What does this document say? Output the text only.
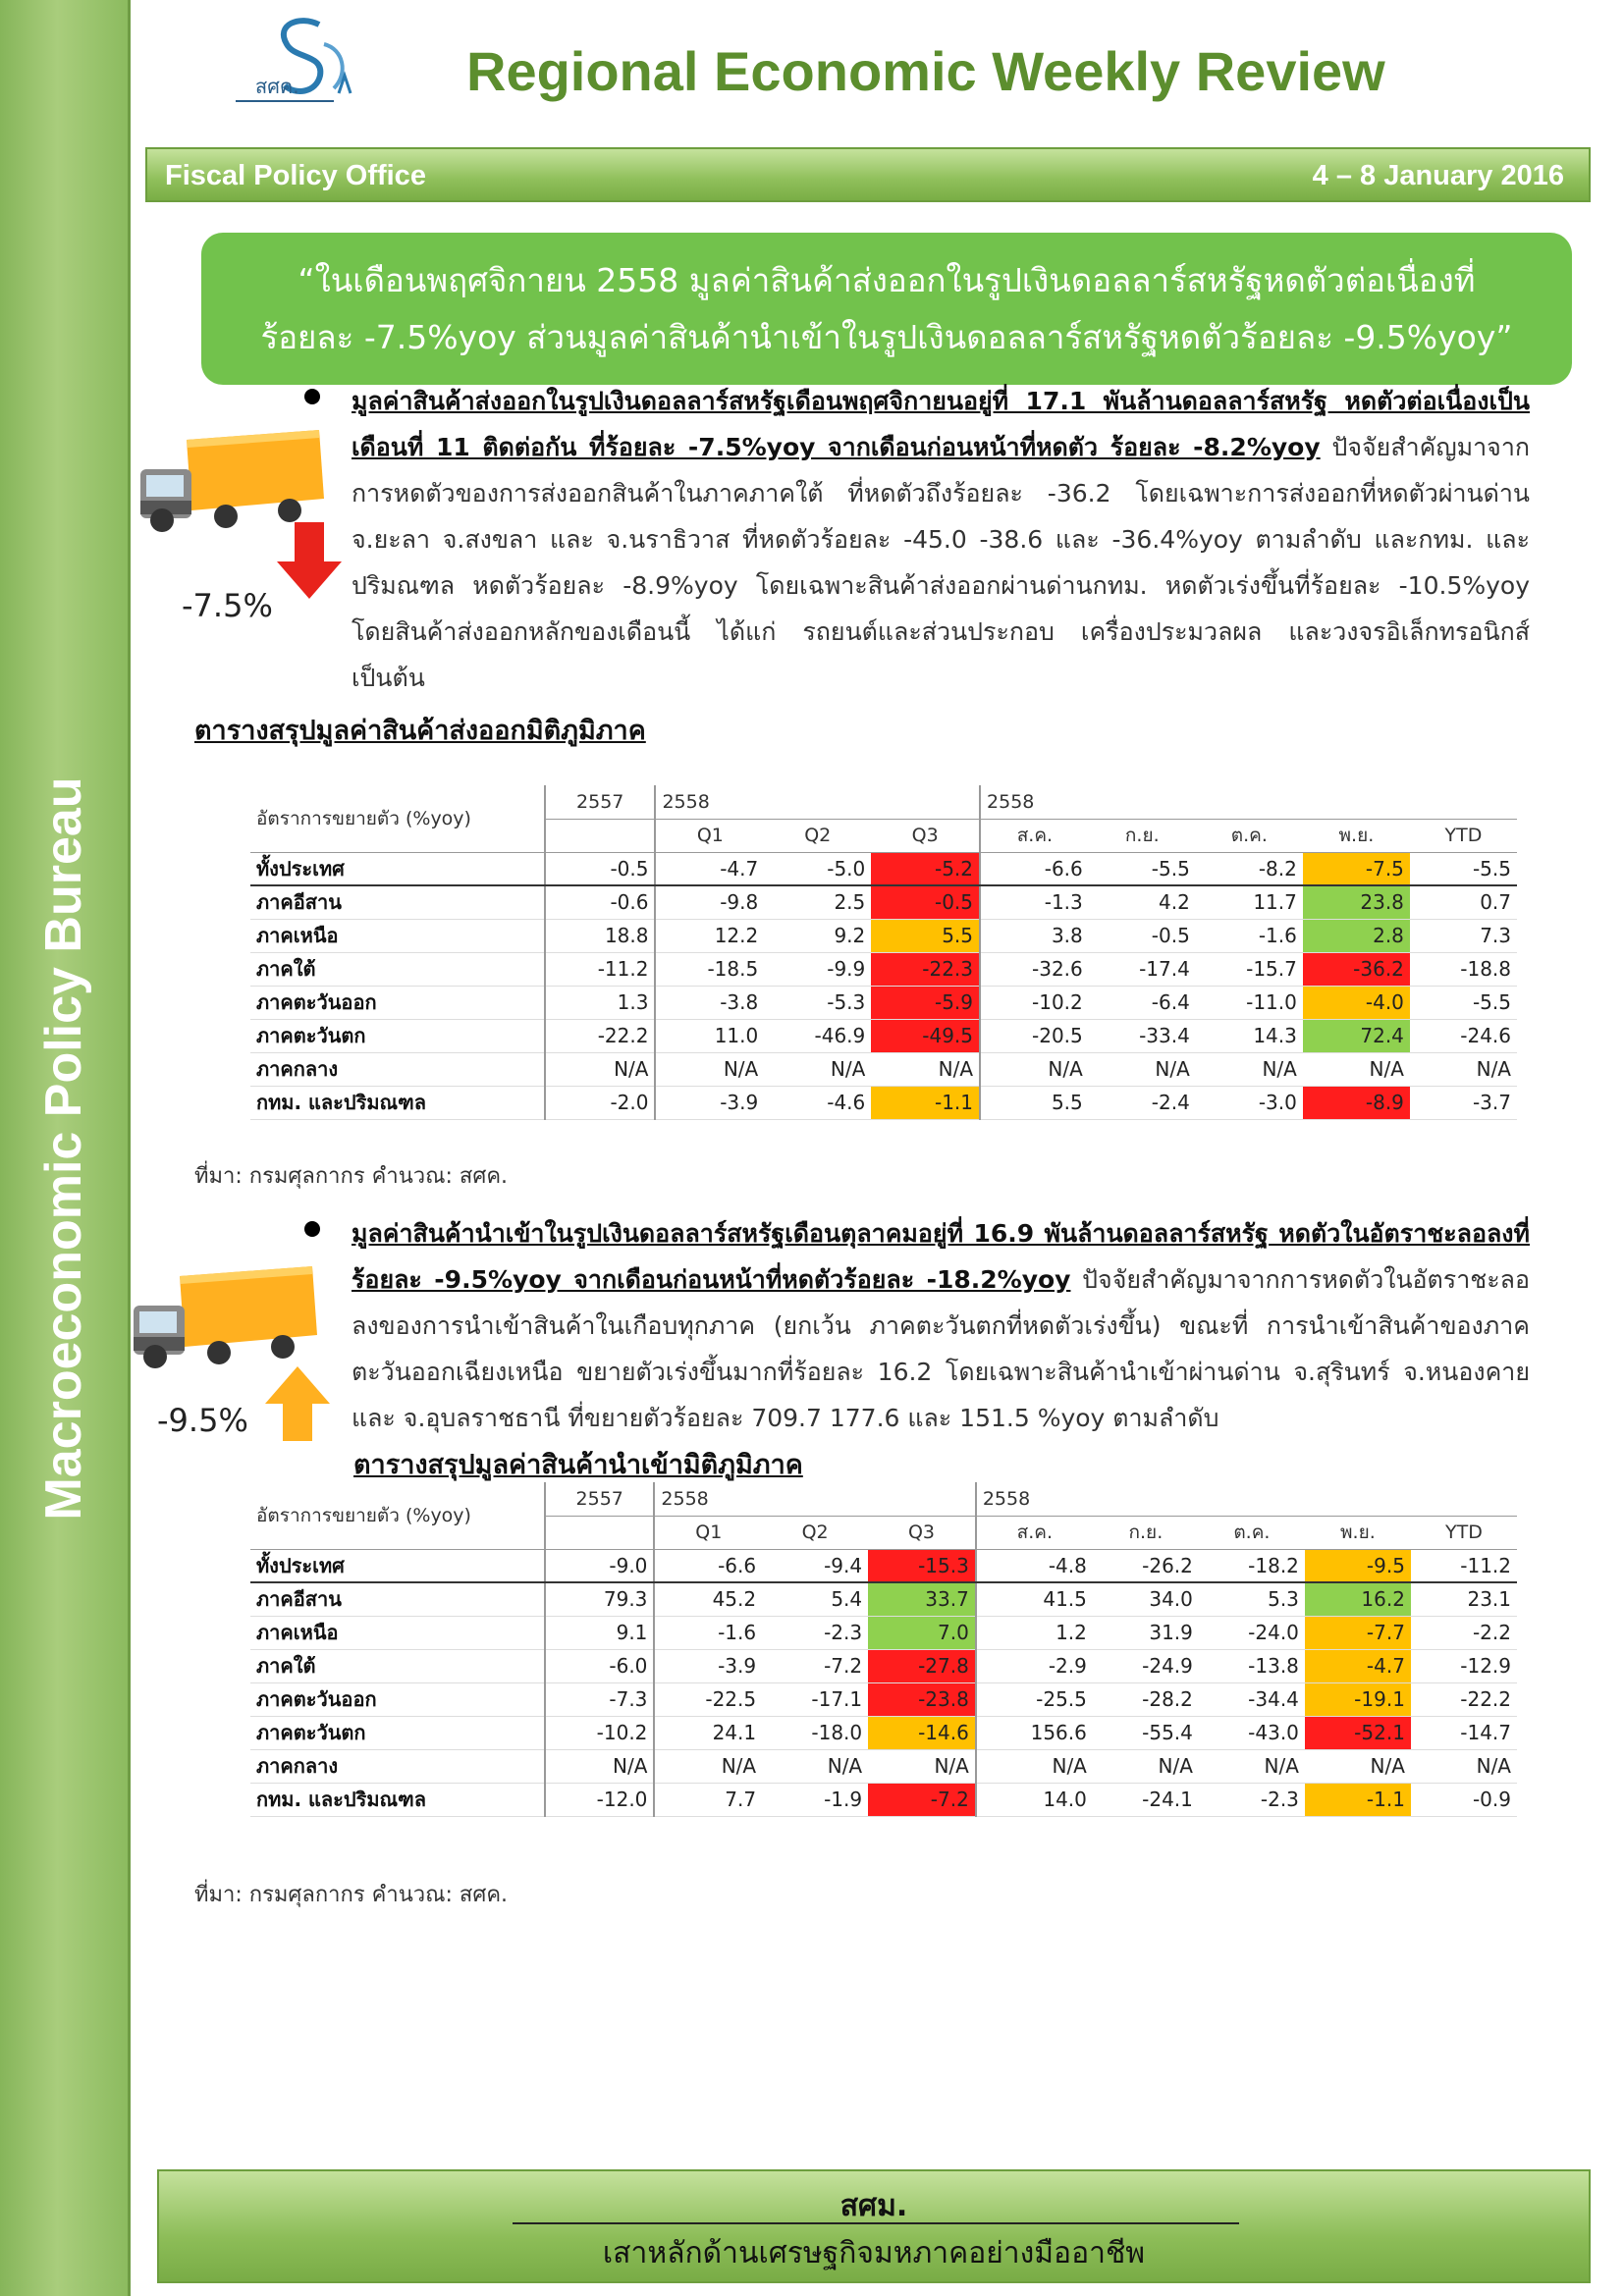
Macroeconomic Policy Bureau
สศค.	Regional Economic Weekly Review
Fiscal Policy Office	4 – 8 January 2016
“ในเดือนพฤศจิกายน 2558 มูลค่าสินค้าส่งออกในรูปเงินดอลลาร์สหรัฐหดตัวต่อเนื่องที่
ร้อยละ -7.5%yoy ส่วนมูลค่าสินค้านำเข้าในรูปเงินดอลลาร์สหรัฐหดตัวร้อยละ -9.5%yoy”
-7.5%
มูลค่าสินค้าส่งออกในรูปเงินดอลลาร์สหรัฐเดือนพฤศจิกายนอยู่ที่ 17.1 พันล้านดอลลาร์สหรัฐ หดตัวต่อเนื่องเป็นเดือนที่ 11 ติดต่อกัน ที่ร้อยละ -7.5%yoy จากเดือนก่อนหน้าที่หดตัว ร้อยละ -8.2%yoy ปัจจัยสำคัญมาจากการหดตัวของการส่งออกสินค้าในภาคภาคใต้ ที่หดตัวถึงร้อยละ -36.2 โดยเฉพาะการส่งออกที่หดตัวผ่านด่านจ.ยะลา จ.สงขลา และ จ.นราธิวาส ที่หดตัวร้อยละ -45.0 -38.6 และ -36.4%yoy ตามลำดับ และกทม. และปริมณฑล หดตัวร้อยละ -8.9%yoy โดยเฉพาะสินค้าส่งออกผ่านด่านกทม. หดตัวเร่งขึ้นที่ร้อยละ -10.5%yoy โดยสินค้าส่งออกหลักของเดือนนี้ ได้แก่ รถยนต์และส่วนประกอบ เครื่องประมวลผล และวงจรอิเล็กทรอนิกส์ เป็นต้น
ตารางสรุปมูลค่าสินค้าส่งออกมิติภูมิภาค
อัตราการขยายตัว (%yoy)	2557	2558			2558				
		Q1	Q2	Q3	ส.ค.	ก.ย.	ต.ค.	พ.ย.	YTD
ทั้งประเทศ	-0.5	-4.7	-5.0	-5.2	-6.6	-5.5	-8.2	-7.5	-5.5
ภาคอีสาน	-0.6	-9.8	2.5	-0.5	-1.3	4.2	11.7	23.8	0.7
ภาคเหนือ	18.8	12.2	9.2	5.5	3.8	-0.5	-1.6	2.8	7.3
ภาคใต้	-11.2	-18.5	-9.9	-22.3	-32.6	-17.4	-15.7	-36.2	-18.8
ภาคตะวันออก	1.3	-3.8	-5.3	-5.9	-10.2	-6.4	-11.0	-4.0	-5.5
ภาคตะวันตก	-22.2	11.0	-46.9	-49.5	-20.5	-33.4	14.3	72.4	-24.6
ภาคกลาง	N/A	N/A	N/A	N/A	N/A	N/A	N/A	N/A	N/A
กทม. และปริมณฑล	-2.0	-3.9	-4.6	-1.1	5.5	-2.4	-3.0	-8.9	-3.7
ที่มา: กรมศุลกากร คำนวณ: สศค.
-9.5%
มูลค่าสินค้านำเข้าในรูปเงินดอลลาร์สหรัฐเดือนตุลาคมอยู่ที่ 16.9 พันล้านดอลลาร์สหรัฐ หดตัวในอัตราชะลอลงที่ร้อยละ -9.5%yoy จากเดือนก่อนหน้าที่หดตัวร้อยละ -18.2%yoy ปัจจัยสำคัญมาจากการหดตัวในอัตราชะลอลงของการนำเข้าสินค้าในเกือบทุกภาค (ยกเว้น ภาคตะวันตกที่หดตัวเร่งขึ้น) ขณะที่ การนำเข้าสินค้าของภาคตะวันออกเฉียงเหนือ ขยายตัวเร่งขึ้นมากที่ร้อยละ 16.2 โดยเฉพาะสินค้านำเข้าผ่านด่าน จ.สุรินทร์ จ.หนองคาย และ จ.อุบลราชธานี ที่ขยายตัวร้อยละ 709.7 177.6 และ 151.5 %yoy ตามลำดับ
ตารางสรุปมูลค่าสินค้านำเข้ามิติภูมิภาค
อัตราการขยายตัว (%yoy)	2557	2558			2558				
		Q1	Q2	Q3	ส.ค.	ก.ย.	ต.ค.	พ.ย.	YTD
ทั้งประเทศ	-9.0	-6.6	-9.4	-15.3	-4.8	-26.2	-18.2	-9.5	-11.2
ภาคอีสาน	79.3	45.2	5.4	33.7	41.5	34.0	5.3	16.2	23.1
ภาคเหนือ	9.1	-1.6	-2.3	7.0	1.2	31.9	-24.0	-7.7	-2.2
ภาคใต้	-6.0	-3.9	-7.2	-27.8	-2.9	-24.9	-13.8	-4.7	-12.9
ภาคตะวันออก	-7.3	-22.5	-17.1	-23.8	-25.5	-28.2	-34.4	-19.1	-22.2
ภาคตะวันตก	-10.2	24.1	-18.0	-14.6	156.6	-55.4	-43.0	-52.1	-14.7
ภาคกลาง	N/A	N/A	N/A	N/A	N/A	N/A	N/A	N/A	N/A
กทม. และปริมณฑล	-12.0	7.7	-1.9	-7.2	14.0	-24.1	-2.3	-1.1	-0.9
ที่มา: กรมศุลกากร คำนวณ: สศค.
สศม.
เสาหลักด้านเศรษฐกิจมหภาคอย่างมืออาชีพ
